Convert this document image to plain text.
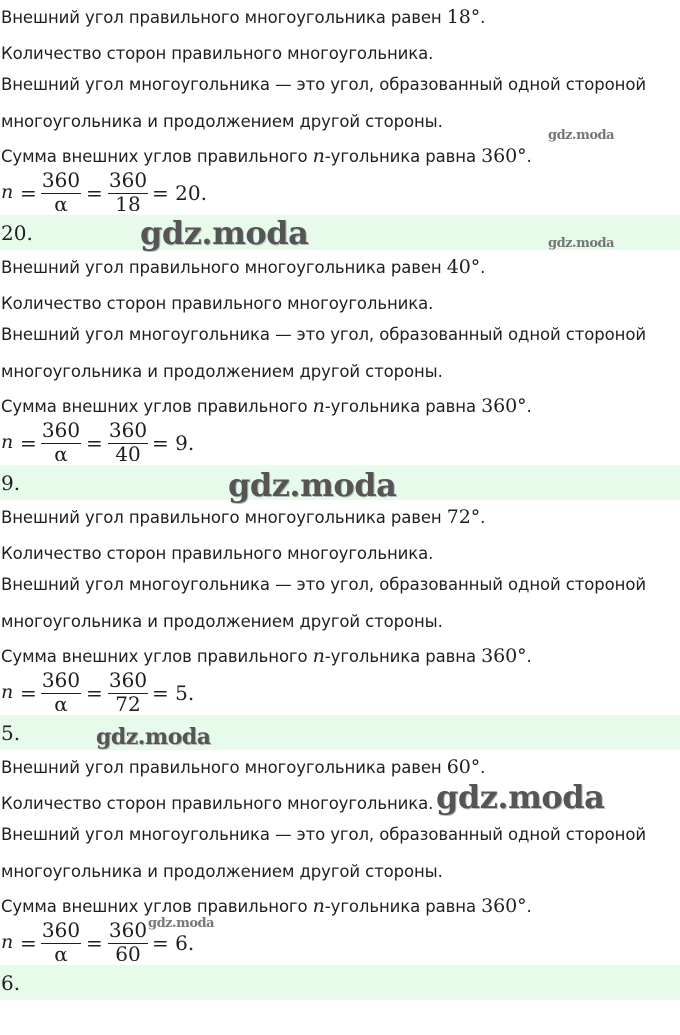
Внешний угол правильного многоугольника равен 18°.
Количество сторон правильного многоугольника.
Внешний угол многоугольника — это угол, образованный одной стороной
многоугольника и продолжением другой стороны.
Сумма внешних углов правильного n-угольника равна 360°.
n =
360
α =
360
18 = 20.
20.
Внешний угол правильного многоугольника равен 40°.
Количество сторон правильного многоугольника.
Внешний угол многоугольника — это угол, образованный одной стороной
многоугольника и продолжением другой стороны.
Сумма внешних углов правильного n-угольника равна 360°.
n =
360
α =
360
40 = 9.
9.
Внешний угол правильного многоугольника равен 72°.
Количество сторон правильного многоугольника.
Внешний угол многоугольника — это угол, образованный одной стороной
многоугольника и продолжением другой стороны.
Сумма внешних углов правильного n-угольника равна 360°.
n =
360
α =
360
72 = 5.
5.
Внешний угол правильного многоугольника равен 60°.
Количество сторон правильного многоугольника.
Внешний угол многоугольника — это угол, образованный одной стороной
многоугольника и продолжением другой стороны.
Сумма внешних углов правильного n-угольника равна 360°.
n =
360
α =
360
60 = 6.
6.
gdz.moda
gdz.moda	gdz.moda
gdz.moda
gdz.moda
gdz.moda
gdz.moda
